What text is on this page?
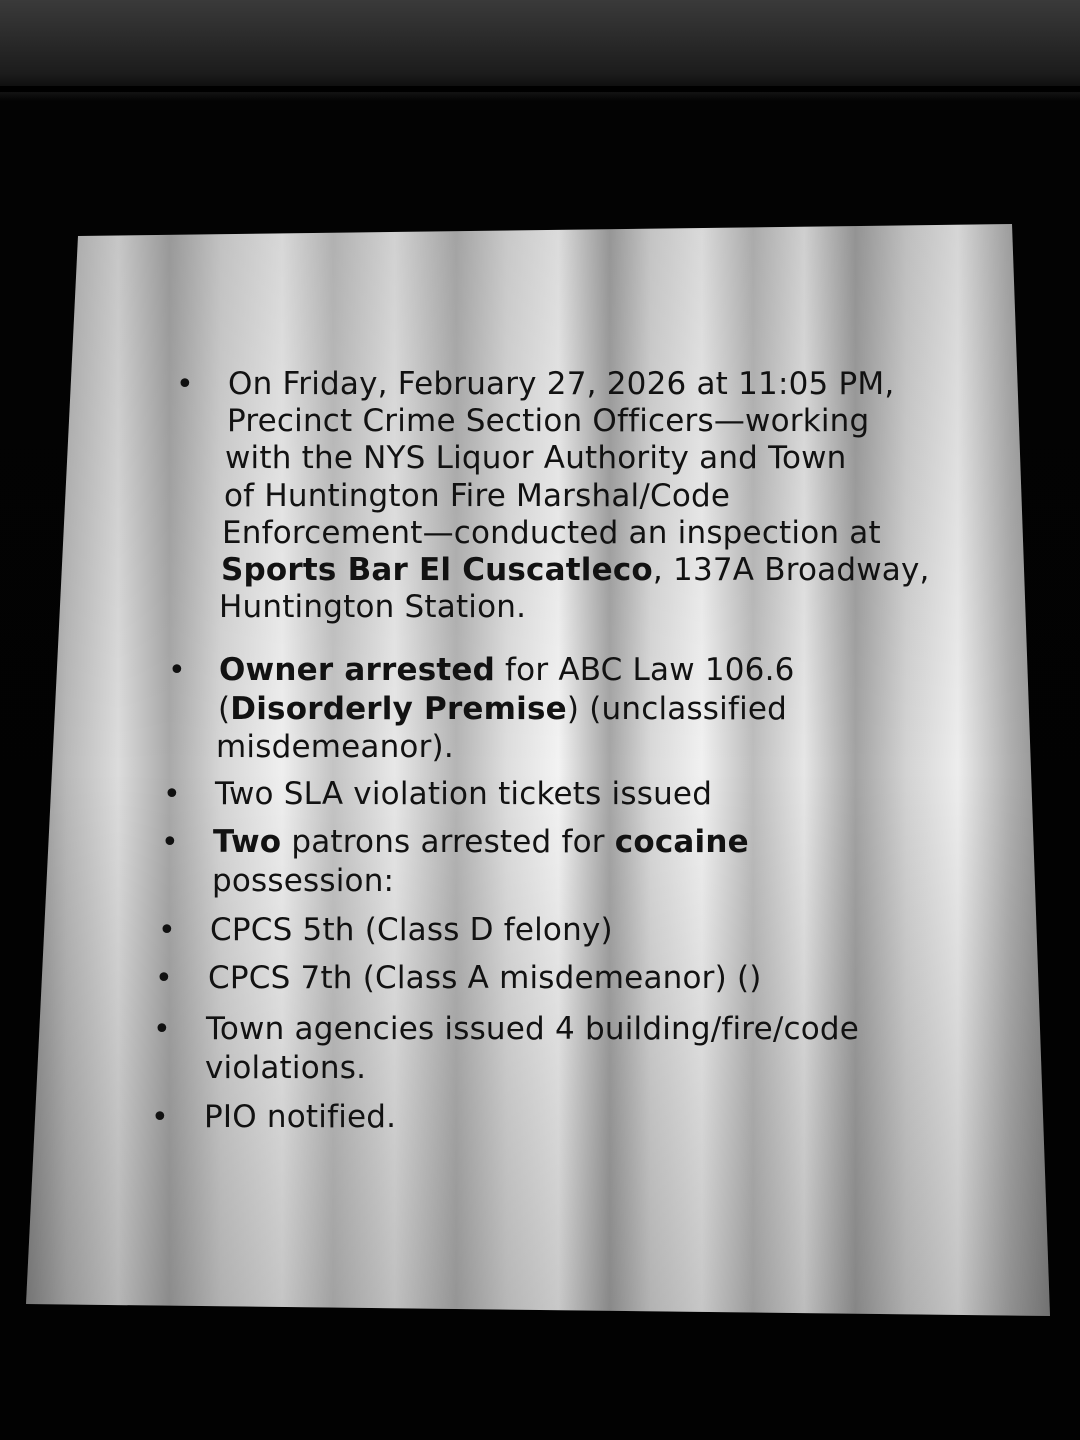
• On Friday, February 27, 2026 at 11:05 PM,
Precinct Crime Section Officers—working
with the NYS Liquor Authority and Town
of Huntington Fire Marshal/Code
Enforcement—conducted an inspection at
Sports Bar El Cuscatleco, 137A Broadway,
Huntington Station.
• Owner arrested for ABC Law 106.6
(Disorderly Premise) (unclassified
misdemeanor).
• Two SLA violation tickets issued
• Two patrons arrested for cocaine
possession:
• CPCS 5th (Class D felony)
• CPCS 7th (Class A misdemeanor) ()
• Town agencies issued 4 building/fire/code
violations.
• PIO notified.
